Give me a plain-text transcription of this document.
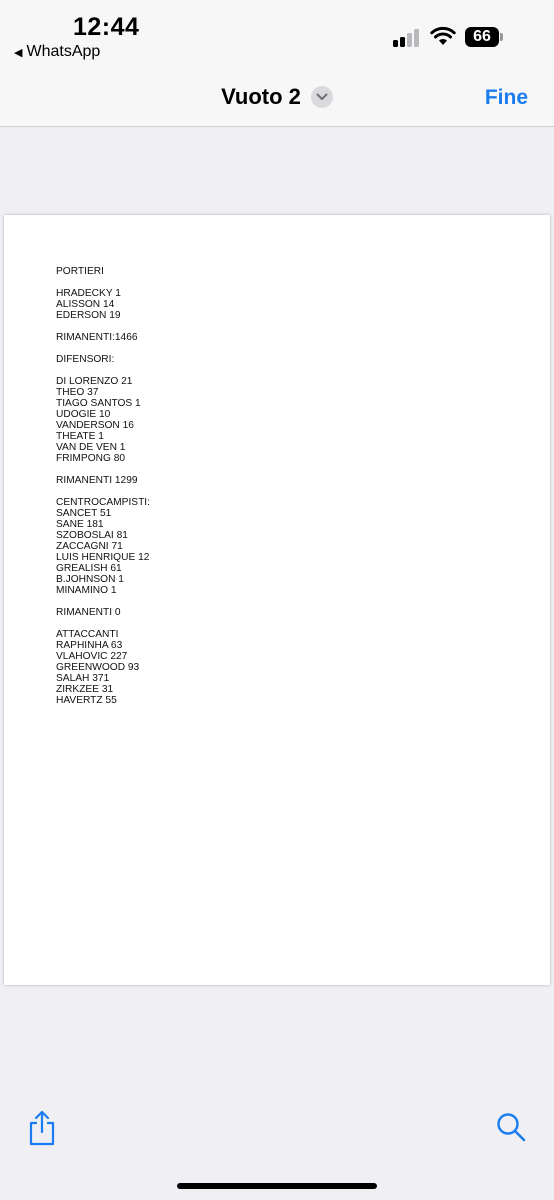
12:44
◀ WhatsApp
66
Vuoto 2	Fine
PORTIERI
HRADECKY 1
ALISSON 14
EDERSON 19
RIMANENTI:1466
DIFENSORI:
DI LORENZO 21
THEO 37
TIAGO SANTOS 1
UDOGIE 10
VANDERSON 16
THEATE 1
VAN DE VEN 1
FRIMPONG 80
RIMANENTI 1299
CENTROCAMPISTI:
SANCET 51
SANE 181
SZOBOSLAI 81
ZACCAGNI 71
LUIS HENRIQUE 12
GREALISH 61
B.JOHNSON 1
MINAMINO 1
RIMANENTI 0
ATTACCANTI
RAPHINHA 63
VLAHOVIC 227
GREENWOOD 93
SALAH 371
ZIRKZEE 31
HAVERTZ 55
